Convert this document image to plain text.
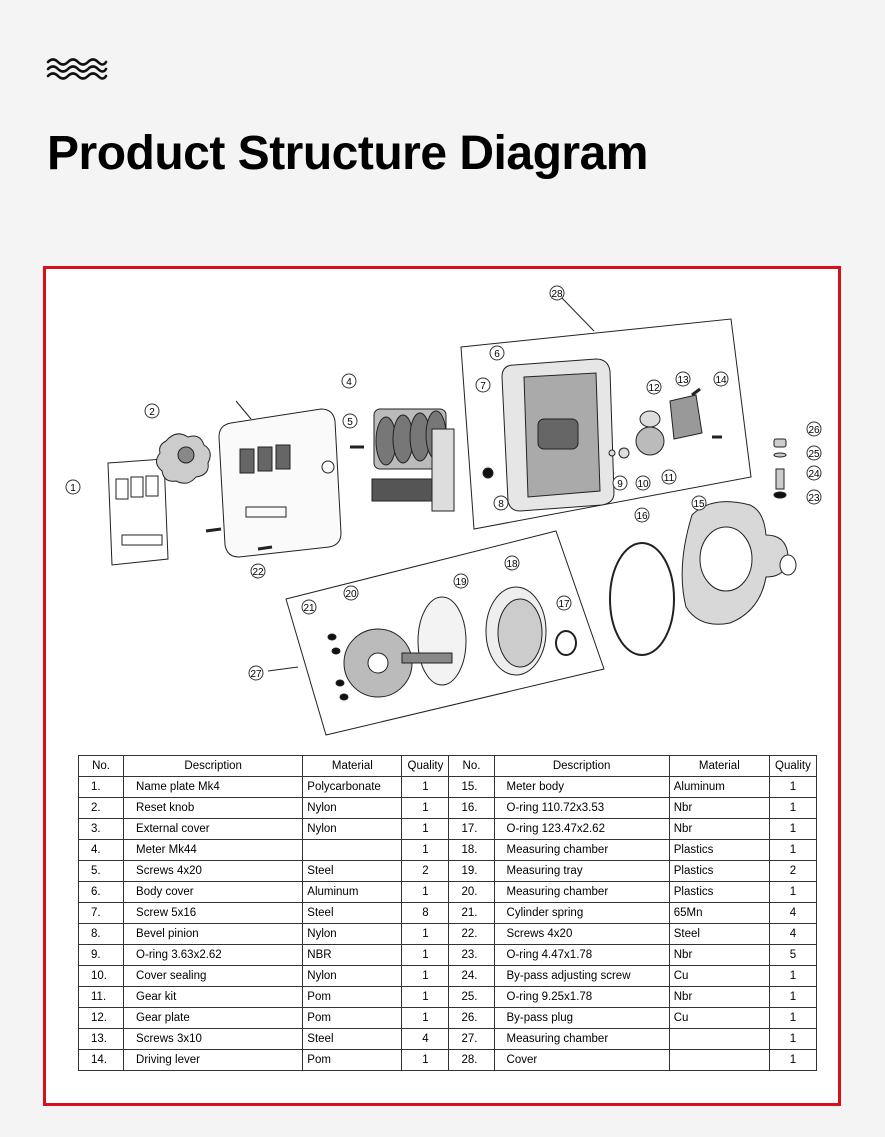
Product Structure Diagram
1
2
4
5
6
7
8
9 10
11
12
13	14
15
16
17
18
19
20
21
22
23
24
25
26
27
28
No.	Description	Material	Quality	No.	Description	Material	Quality
1.	Name plate Mk4	Polycarbonate	1	15.	Meter body	Aluminum	1
2.	Reset knob	Nylon	1	16.	O-ring 110.72x3.53	Nbr	1
3.	External cover	Nylon	1	17.	O-ring 123.47x2.62	Nbr	1
4.	Meter Mk44		1	18.	Measuring chamber	Plastics	1
5.	Screws 4x20	Steel	2	19.	Measuring tray	Plastics	2
6.	Body cover	Aluminum	1	20.	Measuring chamber	Plastics	1
7.	Screw 5x16	Steel	8	21.	Cylinder spring	65Mn	4
8.	Bevel pinion	Nylon	1	22.	Screws 4x20	Steel	4
9.	O-ring 3.63x2.62	NBR	1	23.	O-ring 4.47x1.78	Nbr	5
10.	Cover sealing	Nylon	1	24.	By-pass adjusting screw	Cu	1
11.	Gear kit	Pom	1	25.	O-ring 9.25x1.78	Nbr	1
12.	Gear plate	Pom	1	26.	By-pass plug	Cu	1
13.	Screws 3x10	Steel	4	27.	Measuring chamber		1
14.	Driving lever	Pom	1	28.	Cover		1
